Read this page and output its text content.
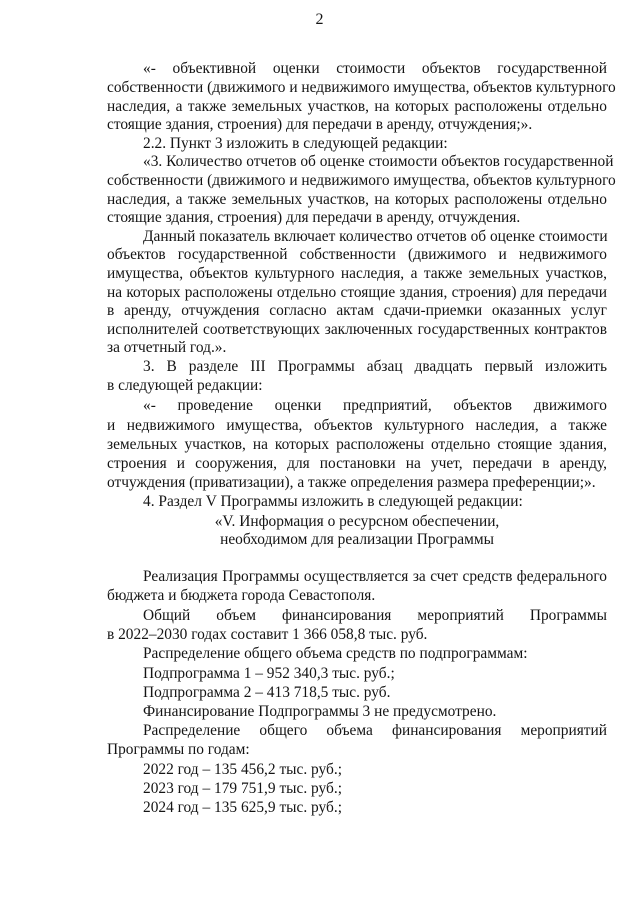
2
«- объективной оценки стоимости объектов государственной
собственности (движимого и недвижимого имущества, объектов культурного
наследия, а также земельных участков, на которых расположены отдельно
стоящие здания, строения) для передачи в аренду, отчуждения;».
2.2. Пункт 3 изложить в следующей редакции:
«3. Количество отчетов об оценке стоимости объектов государственной
собственности (движимого и недвижимого имущества, объектов культурного
наследия, а также земельных участков, на которых расположены отдельно
стоящие здания, строения) для передачи в аренду, отчуждения.
Данный показатель включает количество отчетов об оценке стоимости
объектов государственной собственности (движимого и недвижимого
имущества, объектов культурного наследия, а также земельных участков,
на которых расположены отдельно стоящие здания, строения) для передачи
в аренду, отчуждения согласно актам сдачи-приемки оказанных услуг
исполнителей соответствующих заключенных государственных контрактов
за отчетный год.».
3. В разделе III Программы абзац двадцать первый изложить
в следующей редакции:
«- проведение оценки предприятий, объектов движимого
и недвижимого имущества, объектов культурного наследия, а также
земельных участков, на которых расположены отдельно стоящие здания,
строения и сооружения, для постановки на учет, передачи в аренду,
отчуждения (приватизации), а также определения размера преференции;».
4. Раздел V Программы изложить в следующей редакции:
«V. Информация о ресурсном обеспечении,
необходимом для реализации Программы
Реализация Программы осуществляется за счет средств федерального
бюджета и бюджета города Севастополя.
Общий объем финансирования мероприятий Программы
в 2022–2030 годах составит 1 366 058,8 тыс. руб.
Распределение общего объема средств по подпрограммам:
Подпрограмма 1 – 952 340,3 тыс. руб.;
Подпрограмма 2 – 413 718,5 тыс. руб.
Финансирование Подпрограммы 3 не предусмотрено.
Распределение общего объема финансирования мероприятий
Программы по годам:
2022 год – 135 456,2 тыс. руб.;
2023 год – 179 751,9 тыс. руб.;
2024 год – 135 625,9 тыс. руб.;
